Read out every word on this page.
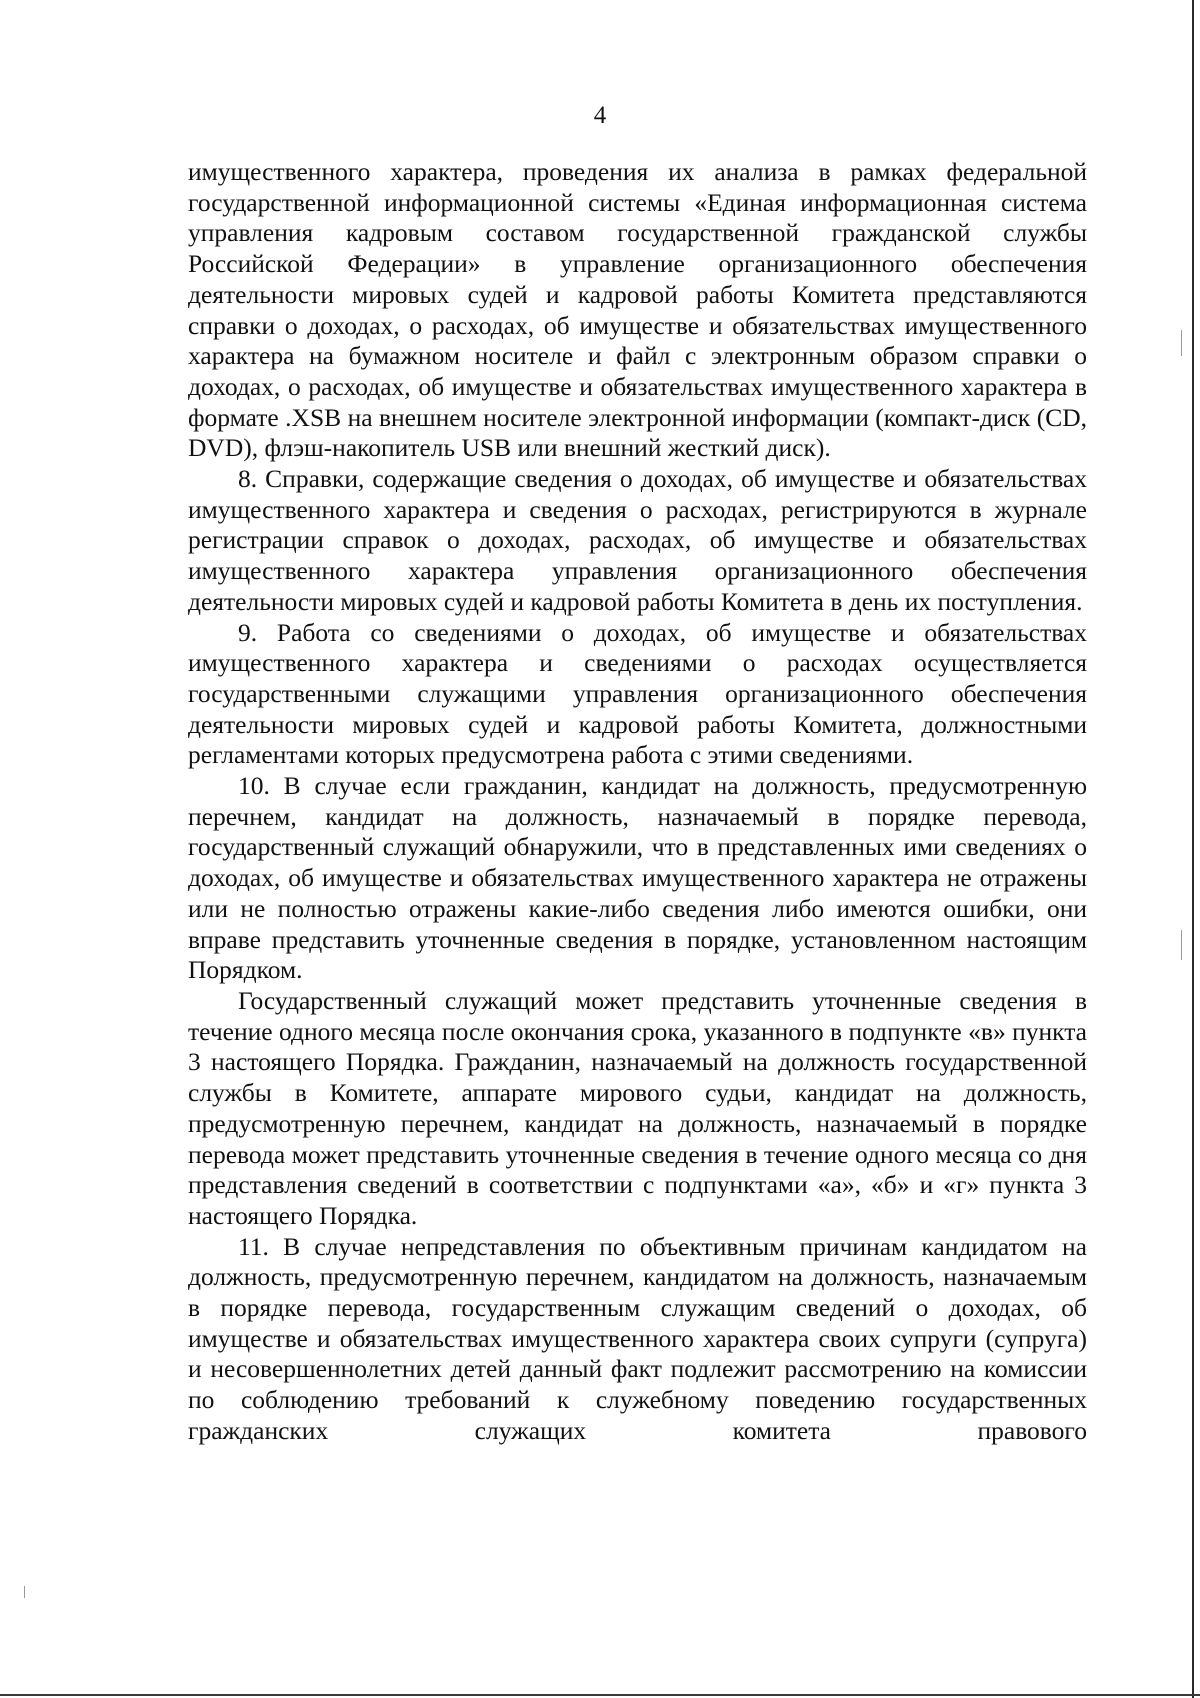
4

имущественного характера, проведения их анализа в рамках федеральной государственной информационной системы «Единая информационная система управления кадровым составом государственной гражданской службы Российской Федерации» в управление организационного обеспечения деятельности мировых судей и кадровой работы Комитета представляются справки о доходах, о расходах, об имуществе и обязательствах имущественного характера на бумажном носителе и файл с электронным образом справки о доходах, о расходах, об имуществе и обязательствах имущественного характера в формате .XSB на внешнем носителе электронной информации (компакт-диск (CD, DVD), флэш-накопитель USB или внешний жесткий диск).

8. Справки, содержащие сведения о доходах, об имуществе и обязательствах имущественного характера и сведения о расходах, регистрируются в журнале регистрации справок о доходах, расходах, об имуществе и обязательствах имущественного характера управления организационного обеспечения деятельности мировых судей и кадровой работы Комитета в день их поступления.

9. Работа со сведениями о доходах, об имуществе и обязательствах имущественного характера и сведениями о расходах осуществляется государственными служащими управления организационного обеспечения деятельности мировых судей и кадровой работы Комитета, должностными регламентами которых предусмотрена работа с этими сведениями.

10. В случае если гражданин, кандидат на должность, предусмотренную перечнем, кандидат на должность, назначаемый в порядке перевода, государственный служащий обнаружили, что в представленных ими сведениях о доходах, об имуществе и обязательствах имущественного характера не отражены или не полностью отражены какие-либо сведения либо имеются ошибки, они вправе представить уточненные сведения в порядке, установленном настоящим Порядком.

Государственный служащий может представить уточненные сведения в течение одного месяца после окончания срока, указанного в подпункте «в» пункта 3 настоящего Порядка. Гражданин, назначаемый на должность государственной службы в Комитете, аппарате мирового судьи, кандидат на должность, предусмотренную перечнем, кандидат на должность, назначаемый в порядке перевода может представить уточненные сведения в течение одного месяца со дня представления сведений в соответствии с подпунктами «а», «б» и «г» пункта 3 настоящего Порядка.

11. В случае непредставления по объективным причинам кандидатом на должность, предусмотренную перечнем, кандидатом на должность, назначаемым в порядке перевода, государственным служащим сведений о доходах, об имуществе и обязательствах имущественного характера своих супруги (супруга) и несовершеннолетних детей данный факт подлежит рассмотрению на комиссии по соблюдению требований к служебному поведению государственных гражданских служащих комитета правового
